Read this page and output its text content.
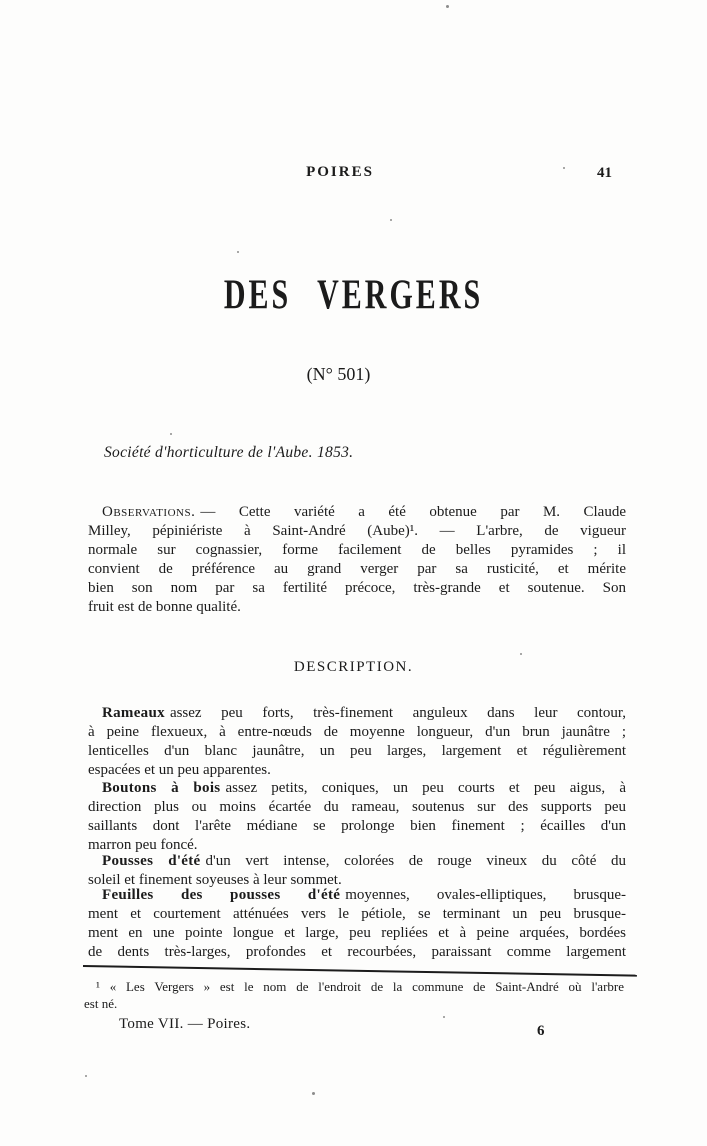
POIRES	41
DES VERGERS
(N° 501)
Société d'horticulture de l'Aube. 1853.
Observations. — Cette variété a été obtenue par M. Claude
Milley, pépiniériste à Saint-André (Aube)¹. — L'arbre, de vigueur
normale sur cognassier, forme facilement de belles pyramides ; il
convient de préférence au grand verger par sa rusticité, et mérite
bien son nom par sa fertilité précoce, très-grande et soutenue. Son
fruit est de bonne qualité.
DESCRIPTION.
Rameaux assez peu forts, très-finement anguleux dans leur contour,
à peine flexueux, à entre-nœuds de moyenne longueur, d'un brun jaunâtre ;
lenticelles d'un blanc jaunâtre, un peu larges, largement et régulièrement
espacées et un peu apparentes.
Boutons à bois assez petits, coniques, un peu courts et peu aigus, à
direction plus ou moins écartée du rameau, soutenus sur des supports peu
saillants dont l'arête médiane se prolonge bien finement ; écailles d'un
marron peu foncé.
Pousses d'été d'un vert intense, colorées de rouge vineux du côté du
soleil et finement soyeuses à leur sommet.
Feuilles des pousses d'été moyennes, ovales-elliptiques, brusque-
ment et courtement atténuées vers le pétiole, se terminant un peu brusque-
ment en une pointe longue et large, peu repliées et à peine arquées, bordées
de dents très-larges, profondes et recourbées, paraissant comme largement
¹ « Les Vergers » est le nom de l'endroit de la commune de Saint-André où l'arbre
est né.
Tome VII. — Poires.	6
